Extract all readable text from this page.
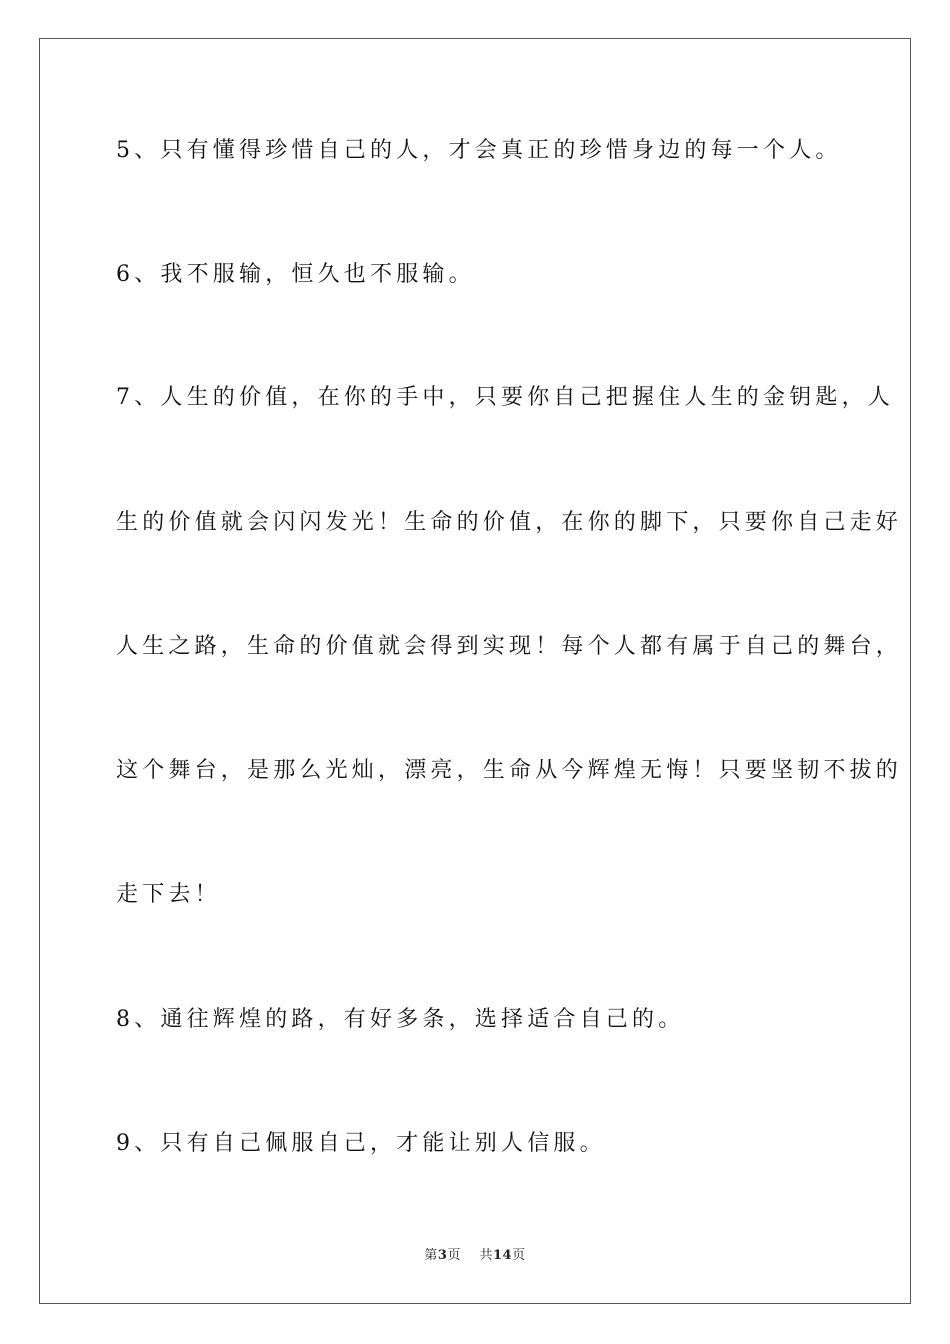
5、只有懂得珍惜自己的人，才会真正的珍惜身边的每一个人。
6、我不服输，恒久也不服输。
7、人生的价值，在你的手中，只要你自己把握住人生的金钥匙，人
生的价值就会闪闪发光！生命的价值，在你的脚下，只要你自己走好
人生之路，生命的价值就会得到实现！每个人都有属于自己的舞台，
这个舞台，是那么光灿，漂亮，生命从今辉煌无悔！只要坚韧不拔的
走下去！
8、通往辉煌的路，有好多条，选择适合自己的。
9、只有自己佩服自己，才能让别人信服。
第3页 共14页
